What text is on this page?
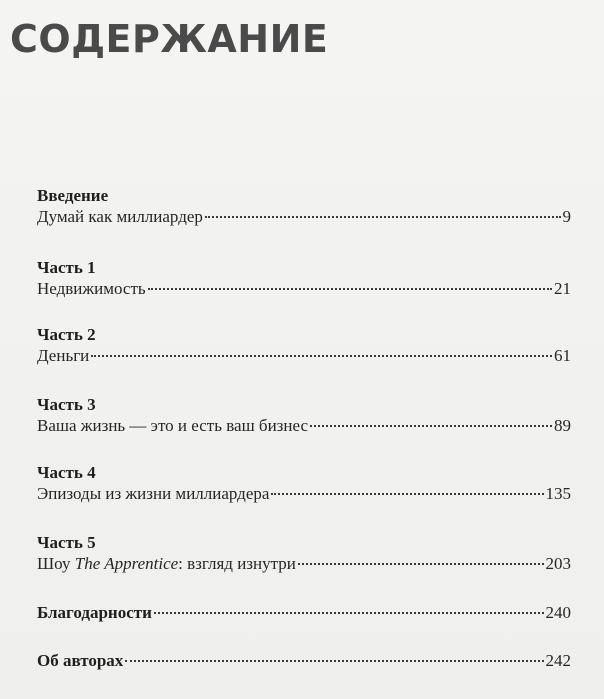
СОДЕРЖАНИЕ
Введение
Думай как миллиардер	9
Часть 1
Недвижимость	21
Часть 2
Деньги	61
Часть 3
Ваша жизнь — это и есть ваш бизнес	89
Часть 4
Эпизоды из жизни миллиардера	135
Часть 5
Шоу The Apprentice: взгляд изнутри	203
Благодарности	240
Об авторах	242
